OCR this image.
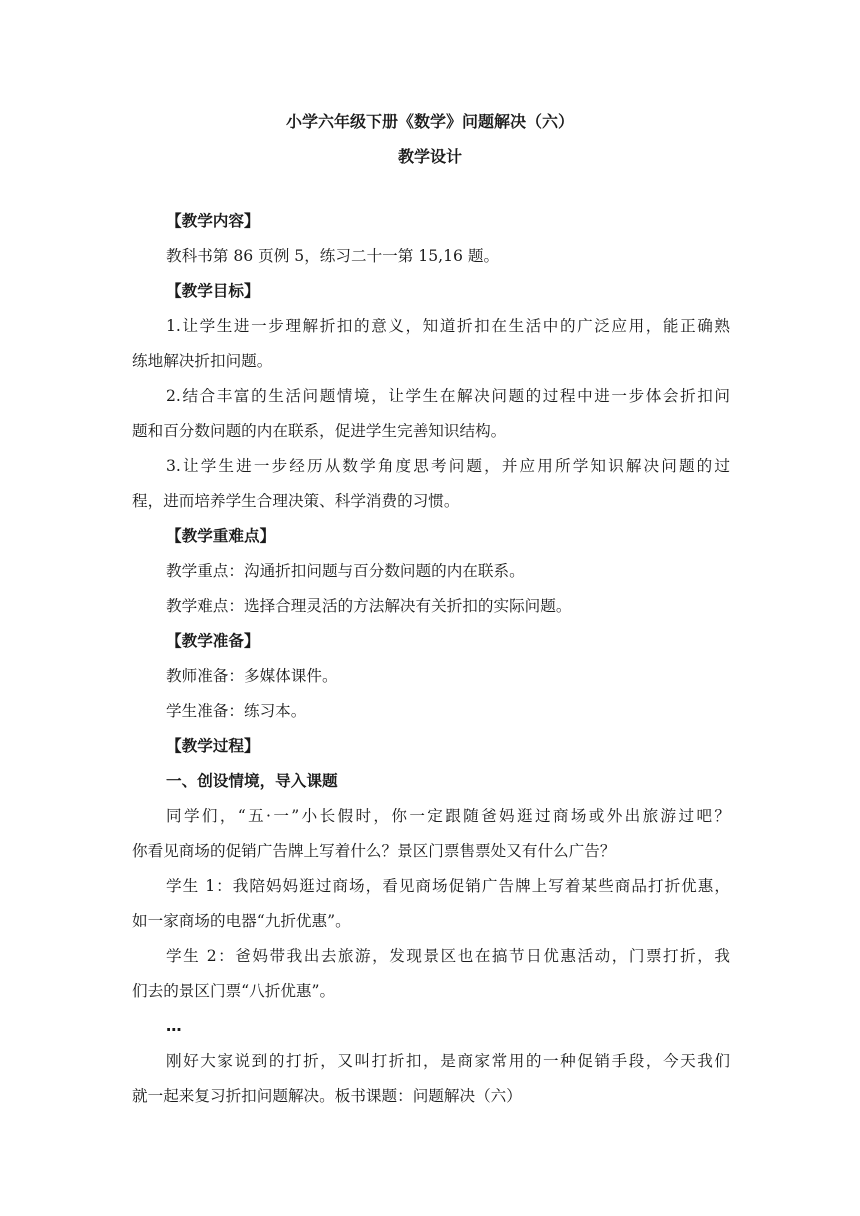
小学六年级下册《数学》问题解决（六）
教学设计
【教学内容】
教科书第 86 页例 5，练习二十一第 15,16 题。
【教学目标】
1.让学生进一步理解折扣的意义，知道折扣在生活中的广泛应用，能正确熟
练地解决折扣问题。
2.结合丰富的生活问题情境，让学生在解决问题的过程中进一步体会折扣问
题和百分数问题的内在联系，促进学生完善知识结构。
3.让学生进一步经历从数学角度思考问题，并应用所学知识解决问题的过
程，进而培养学生合理决策、科学消费的习惯。
【教学重难点】
教学重点：沟通折扣问题与百分数问题的内在联系。
教学难点：选择合理灵活的方法解决有关折扣的实际问题。
【教学准备】
教师准备：多媒体课件。
学生准备：练习本。
【教学过程】
一、创设情境，导入课题
同学们，“五·一”小长假时，你一定跟随爸妈逛过商场或外出旅游过吧？
你看见商场的促销广告牌上写着什么？景区门票售票处又有什么广告？
学生 1：我陪妈妈逛过商场，看见商场促销广告牌上写着某些商品打折优惠，
如一家商场的电器“九折优惠”。
学生 2：爸妈带我出去旅游，发现景区也在搞节日优惠活动，门票打折，我
们去的景区门票“八折优惠”。
…
刚好大家说到的打折，又叫打折扣，是商家常用的一种促销手段，今天我们
就一起来复习折扣问题解决。板书课题：问题解决（六）
